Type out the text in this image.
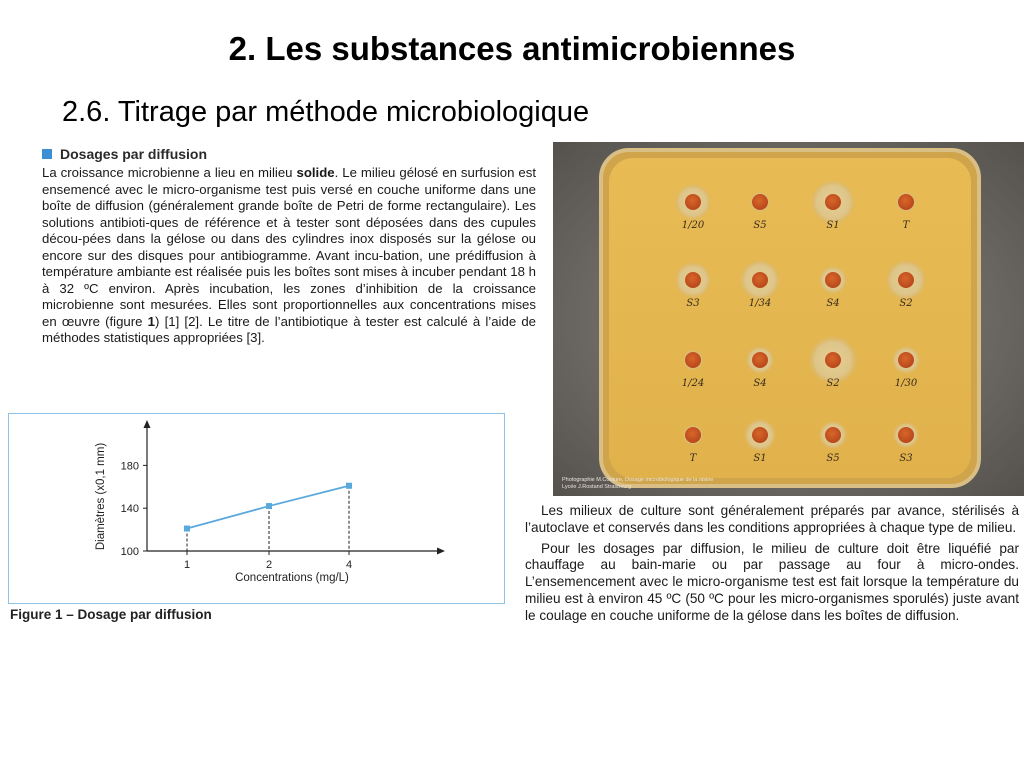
2. Les substances antimicrobiennes
2.6. Titrage par méthode microbiologique
Dosages par diffusion
La croissance microbienne a lieu en milieu solide. Le milieu gélosé en surfusion est ensemencé avec le micro-organisme test puis versé en couche uniforme dans une boîte de diffusion (généralement grande boîte de Petri de forme rectangulaire). Les solutions antibioti-ques de référence et à tester sont déposées dans des cupules décou-pées dans la gélose ou dans des cylindres inox disposés sur la gélose ou encore sur des disques pour antibiogramme. Avant incu-bation, une prédiffusion à température ambiante est réalisée puis les boîtes sont mises à incuber pendant 18 h à 32 ºC environ. Après incubation, les zones d’inhibition de la croissance microbienne sont mesurées. Elles sont proportionnelles aux concentrations mises en œuvre (figure 1) [1] [2]. Le titre de l’antibiotique à tester est calculé à l’aide de méthodes statistiques appropriées [3].
100
140
180
1	2	4
Concentrations (mg/L)
Diamètres (x0,1 mm)
Figure 1 – Dosage par diffusion
1/20	S5	S1	T
S3	1/34	S4	S2
1/24	S4	S2	1/30
T	S1	S5	S3
Photographie M.Couture, Dosage microbiologique de la nisine
Lycée J.Rostand Strasbourg

Les milieux de culture sont généralement préparés par avance, stérilisés à l’autoclave et conservés dans les conditions appropriées à chaque type de milieu.

Pour les dosages par diffusion, le milieu de culture doit être liquéfié par chauffage au bain-marie ou par passage au four à micro-ondes. L’ensemencement avec le micro-organisme test est fait lorsque la température du milieu est à environ 45 ºC (50 ºC pour les micro-organismes sporulés) juste avant le coulage en couche uniforme de la gélose dans les boîtes de diffusion.
